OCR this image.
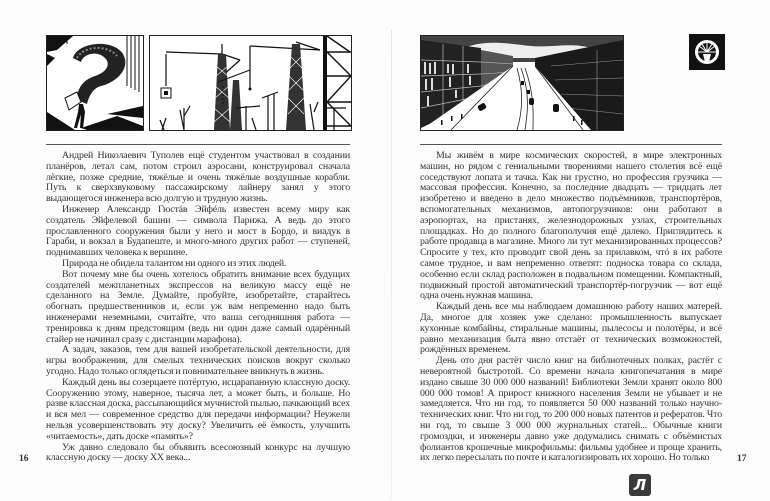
Андрей Николаевич Туполев ещё студентом участвовал в создании планёров, летал сам, потом строил аэросани, конструировал сначала лёгкие, позже средние, тяжёлые и очень тяжёлые воздушные корабли. Путь к сверхзвуковому пассажирскому лайнеру занял у этого выдающегося инженера всю долгую и трудную жизнь.

Инженер Александр Гюстáв Эйфéль известен всему миру как создатель Эйфелевой башни — символа Парижа. А ведь до этого прославленного сооружения были у него и мост в Бордо, и виадук в Гараби, и вокзал в Будапеште, и много-много других работ — ступеней, поднимавших человека к вершине.

Природа не обидела талантом ни одного из этих людей.

Вот почему мне бы очень хотелось обратить внимание всех будущих создателей межпланетных экспрессов на великую массу ещё не сделанного на Земле. Думайте, пробуйте, изобретайте, старайтесь обогнать предшественников и, если уж вам непременно надо быть инженерами неземными, считайте, что ваша сегодняшняя работа — тренировка к дням предстоящим (ведь ни один даже самый одарённый стайер не начинал сразу с дистанции марафона).

А задач, заказов, тем для вашей изобретательской деятельности, для игры воображения, для смелых технических поисков вокруг сколько угодно. Надо только оглядеться и повнимательнее вникнуть в жизнь.

Каждый день вы созерцаете потёртую, исцарапанную классную доску. Сооружению этому, наверное, тысяча лет, а может быть, и больше. Но разве классная доска, рассыпающийся мучнистой пылью, пачкающий всех и вся мел — современное средство для передачи информации? Неужели нельзя усовершенствовать эту доску? Увеличить её ёмкость, улучшить «читаемость», дать доске «память»?

Уж давно следовало бы объявить всесоюзный конкурс на лучшую классную доску — доску XX века...

16

Мы живём в мире космических скоростей, в мире электронных машин, но рядом с гениальными творениями нашего столетия всё ещё соседствуют лопата и тачка. Как ни грустно, но профессия грузчика — массовая профессия. Конечно, за последние двадцать — тридцать лет изобретено и введено в дело множество подъёмников, транспортёров, вспомогательных механизмов, автопогрузчиков: они работают в аэропортах, на пристанях, железнодорожных узлах, строительных площадках. Но до полного благополучия ещё далеко. Приглядитесь к работе продавца в магазине. Много ли тут механизированных процессов? Спросите у тех, кто проводит свой день за прилавком, чтó в их работе самое трудное, и вам непременно ответят: подноска товара со склада, особенно если склад расположен в подвальном помещении. Компактный, подвижный простой автоматический транспортёр-погрузчик — вот ещё одна очень нужная машина.

Каждый день все мы наблюдаем домашнюю работу наших матерей. Да, многое для хозяек уже сделано: промышленность выпускает кухонные комбайны, стиральные машины, пылесосы и полотёры, и всё равно механизация быта явно отстаёт от технических возможностей, рождённых временем.

День ото дня растёт число книг на библиотечных полках, растёт с невероятной быстротой. Со времени начала книгопечатания в мире издано свыше 30 000 000 названий! Библиотеки Земли хранят около 800 000 000 томов! А прирост книжного населения Земли не убывает и не замедляется. Что ни год, то появляется 50 000 названий только научно-технических книг. Что ни год, то 200 000 новых патентов и рефератов. Что ни год, то свыше 3 000 000 журнальных статей... Обычные книги громоздки, и инженеры давно уже додумались снимать с объёмистых фолиантов крошечные микрофильмы: фильмы удобнее и проще хранить, их легко пересылать по почте и каталогизировать их хорошо. Но только	17
Л
